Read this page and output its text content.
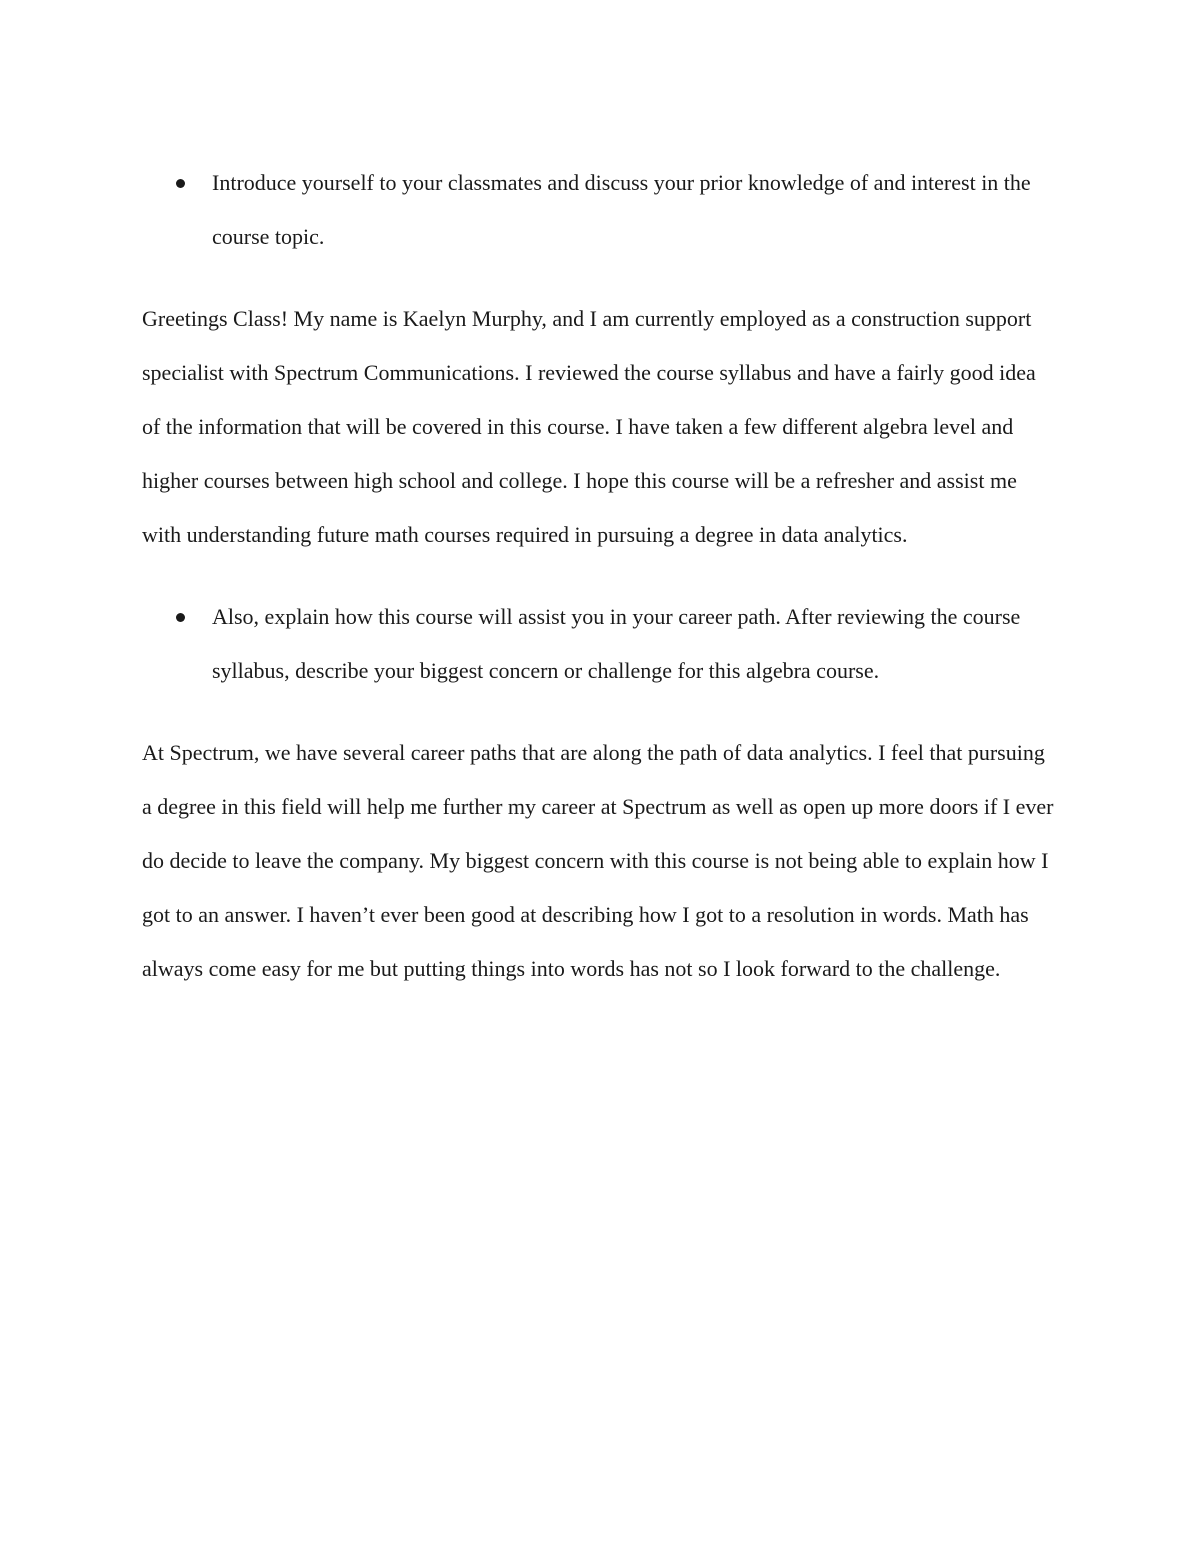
Introduce yourself to your classmates and discuss your prior knowledge of and interest in the course topic.

Greetings Class! My name is Kaelyn Murphy, and I am currently employed as a construction support specialist with Spectrum Communications. I reviewed the course syllabus and have a fairly good idea of the information that will be covered in this course. I have taken a few different algebra level and higher courses between high school and college. I hope this course will be a refresher and assist me with understanding future math courses required in pursuing a degree in data analytics.

Also, explain how this course will assist you in your career path. After reviewing the course syllabus, describe your biggest concern or challenge for this algebra course.

At Spectrum, we have several career paths that are along the path of data analytics. I feel that pursuing a degree in this field will help me further my career at Spectrum as well as open up more doors if I ever do decide to leave the company. My biggest concern with this course is not being able to explain how I got to an answer. I haven’t ever been good at describing how I got to a resolution in words. Math has always come easy for me but putting things into words has not so I look forward to the challenge.
